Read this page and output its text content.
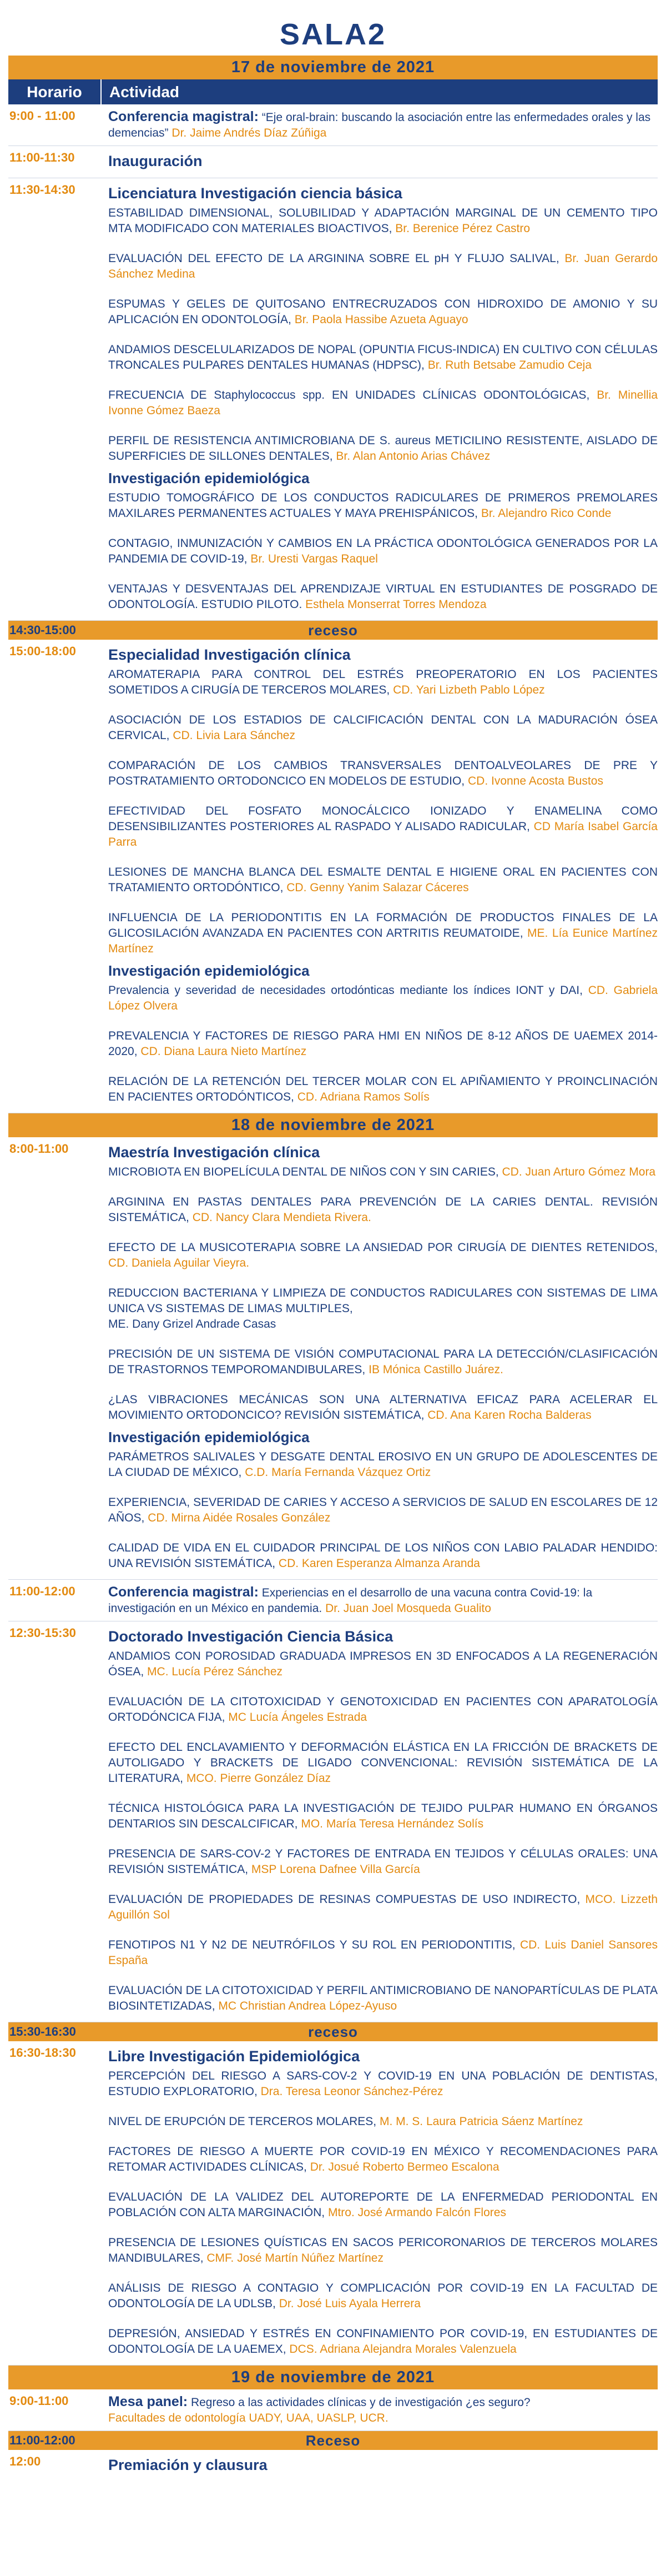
SALA2
17 de noviembre de 2021
Horario	Actividad
9:00 - 11:00	Conferencia magistral: “Eje oral-brain: buscando la asociación entre las enfermedades orales y las demencias” Dr. Jaime Andrés Díaz Zúñiga
11:00-11:30	Inauguración
11:30-14:30	Licenciatura Investigación ciencia básica
ESTABILIDAD DIMENSIONAL, SOLUBILIDAD Y ADAPTACIÓN MARGINAL DE UN CEMENTO TIPO MTA MODIFICADO CON MATERIALES BIOACTIVOS, Br. Berenice Pérez Castro
EVALUACIÓN DEL EFECTO DE LA ARGININA SOBRE EL pH Y FLUJO SALIVAL, Br. Juan Gerardo Sánchez Medina
ESPUMAS Y GELES DE QUITOSANO ENTRECRUZADOS CON HIDROXIDO DE AMONIO Y SU APLICACIÓN EN ODONTOLOGÍA, Br. Paola Hassibe Azueta Aguayo
ANDAMIOS DESCELULARIZADOS DE NOPAL (OPUNTIA FICUS-INDICA) EN CULTIVO CON CÉLULAS TRONCALES PULPARES DENTALES HUMANAS (HDPSC), Br. Ruth Betsabe Zamudio Ceja
FRECUENCIA DE Staphylococcus spp. EN UNIDADES CLÍNICAS ODONTOLÓGICAS, Br. Minellia Ivonne Gómez Baeza
PERFIL DE RESISTENCIA ANTIMICROBIANA DE S. aureus METICILINO RESISTENTE, AISLADO DE SUPERFICIES DE SILLONES DENTALES, Br. Alan Antonio Arias Chávez
Investigación epidemiológica
ESTUDIO TOMOGRÁFICO DE LOS CONDUCTOS RADICULARES DE PRIMEROS PREMOLARES MAXILARES PERMANENTES ACTUALES Y MAYA PREHISPÁNICOS, Br. Alejandro Rico Conde
CONTAGIO, INMUNIZACIÓN Y CAMBIOS EN LA PRÁCTICA ODONTOLÓGICA GENERADOS POR LA PANDEMIA DE COVID-19, Br. Uresti Vargas Raquel
VENTAJAS Y DESVENTAJAS DEL APRENDIZAJE VIRTUAL EN ESTUDIANTES DE POSGRADO DE ODONTOLOGÍA. ESTUDIO PILOTO. Esthela Monserrat Torres Mendoza
14:30-15:00	receso
15:00-18:00	Especialidad Investigación clínica
AROMATERAPIA PARA CONTROL DEL ESTRÉS PREOPERATORIO EN LOS PACIENTES SOMETIDOS A CIRUGÍA DE TERCEROS MOLARES, CD. Yari Lizbeth Pablo López
ASOCIACIÓN DE LOS ESTADIOS DE CALCIFICACIÓN DENTAL CON LA MADURACIÓN ÓSEA CERVICAL, CD. Livia Lara Sánchez
COMPARACIÓN DE LOS CAMBIOS TRANSVERSALES DENTOALVEOLARES DE PRE Y POSTRATAMIENTO ORTODONCICO EN MODELOS DE ESTUDIO, CD. Ivonne Acosta Bustos
EFECTIVIDAD DEL FOSFATO MONOCÁLCICO IONIZADO Y ENAMELINA COMO DESENSIBILIZANTES POSTERIORES AL RASPADO Y ALISADO RADICULAR, CD María Isabel García Parra
LESIONES DE MANCHA BLANCA DEL ESMALTE DENTAL E HIGIENE ORAL EN PACIENTES CON TRATAMIENTO ORTODÓNTICO, CD. Genny Yanim Salazar Cáceres
INFLUENCIA DE LA PERIODONTITIS EN LA FORMACIÓN DE PRODUCTOS FINALES DE LA GLICOSILACIÓN AVANZADA EN PACIENTES CON ARTRITIS REUMATOIDE, ME. Lía Eunice Martínez Martínez
Investigación epidemiológica
Prevalencia y severidad de necesidades ortodónticas mediante los índices IONT y DAI, CD. Gabriela López Olvera
PREVALENCIA Y FACTORES DE RIESGO PARA HMI EN NIÑOS DE 8-12 AÑOS DE UAEMEX 2014-2020, CD. Diana Laura Nieto Martínez
RELACIÓN DE LA RETENCIÓN DEL TERCER MOLAR CON EL APIÑAMIENTO Y PROINCLINACIÓN EN PACIENTES ORTODÓNTICOS, CD. Adriana Ramos Solís
18 de noviembre de 2021
8:00-11:00	Maestría Investigación clínica
MICROBIOTA EN BIOPELÍCULA DENTAL DE NIÑOS CON Y SIN CARIES, CD. Juan Arturo Gómez Mora
ARGININA EN PASTAS DENTALES PARA PREVENCIÓN DE LA CARIES DENTAL. REVISIÓN SISTEMÁTICA, CD. Nancy Clara Mendieta Rivera.
EFECTO DE LA MUSICOTERAPIA SOBRE LA ANSIEDAD POR CIRUGÍA DE DIENTES RETENIDOS, CD. Daniela Aguilar Vieyra.
REDUCCION BACTERIANA Y LIMPIEZA DE CONDUCTOS RADICULARES CON SISTEMAS DE LIMA UNICA VS SISTEMAS DE LIMAS MULTIPLES,
ME. Dany Grizel Andrade Casas
PRECISIÓN DE UN SISTEMA DE VISIÓN COMPUTACIONAL PARA LA DETECCIÓN/CLASIFICACIÓN DE TRASTORNOS TEMPOROMANDIBULARES, IB Mónica Castillo Juárez.
¿LAS VIBRACIONES MECÁNICAS SON UNA ALTERNATIVA EFICAZ PARA ACELERAR EL MOVIMIENTO ORTODONCICO? REVISIÓN SISTEMÁTICA, CD. Ana Karen Rocha Balderas
Investigación epidemiológica
PARÁMETROS SALIVALES Y DESGATE DENTAL EROSIVO EN UN GRUPO DE ADOLESCENTES DE LA CIUDAD DE MÉXICO, C.D. María Fernanda Vázquez Ortiz
EXPERIENCIA, SEVERIDAD DE CARIES Y ACCESO A SERVICIOS DE SALUD EN ESCOLARES DE 12 AÑOS, CD. Mirna Aidée Rosales González
CALIDAD DE VIDA EN EL CUIDADOR PRINCIPAL DE LOS NIÑOS CON LABIO PALADAR HENDIDO: UNA REVISIÓN SISTEMÁTICA, CD. Karen Esperanza Almanza Aranda
11:00-12:00	Conferencia magistral: Experiencias en el desarrollo de una vacuna contra Covid-19: la investigación en un México en pandemia. Dr. Juan Joel Mosqueda Gualito
12:30-15:30	Doctorado Investigación Ciencia Básica
ANDAMIOS CON POROSIDAD GRADUADA IMPRESOS EN 3D ENFOCADOS A LA REGENERACIÓN ÓSEA, MC. Lucía Pérez Sánchez
EVALUACIÓN DE LA CITOTOXICIDAD Y GENOTOXICIDAD EN PACIENTES CON APARATOLOGÍA ORTODÓNCICA FIJA, MC Lucía Ángeles Estrada
EFECTO DEL ENCLAVAMIENTO Y DEFORMACIÓN ELÁSTICA EN LA FRICCIÓN DE BRACKETS DE AUTOLIGADO Y BRACKETS DE LIGADO CONVENCIONAL: REVISIÓN SISTEMÁTICA DE LA LITERATURA, MCO. Pierre González Díaz
TÉCNICA HISTOLÓGICA PARA LA INVESTIGACIÓN DE TEJIDO PULPAR HUMANO EN ÓRGANOS DENTARIOS SIN DESCALCIFICAR, MO. María Teresa Hernández Solís
PRESENCIA DE SARS-COV-2 Y FACTORES DE ENTRADA EN TEJIDOS Y CÉLULAS ORALES: UNA REVISIÓN SISTEMÁTICA, MSP Lorena Dafnee Villa García
EVALUACIÓN DE PROPIEDADES DE RESINAS COMPUESTAS DE USO INDIRECTO, MCO. Lizzeth Aguillón Sol
FENOTIPOS N1 Y N2 DE NEUTRÓFILOS Y SU ROL EN PERIODONTITIS, CD. Luis Daniel Sansores España
EVALUACIÓN DE LA CITOTOXICIDAD Y PERFIL ANTIMICROBIANO DE NANOPARTÍCULAS DE PLATA BIOSINTETIZADAS, MC Christian Andrea López-Ayuso
15:30-16:30	receso
16:30-18:30	Libre Investigación Epidemiológica
PERCEPCIÓN DEL RIESGO A SARS-COV-2 Y COVID-19 EN UNA POBLACIÓN DE DENTISTAS, ESTUDIO EXPLORATORIO, Dra. Teresa Leonor Sánchez-Pérez
NIVEL DE ERUPCIÓN DE TERCEROS MOLARES, M. M. S. Laura Patricia Sáenz Martínez
FACTORES DE RIESGO A MUERTE POR COVID-19 EN MÉXICO Y RECOMENDACIONES PARA RETOMAR ACTIVIDADES CLÍNICAS, Dr. Josué Roberto Bermeo Escalona
EVALUACIÓN DE LA VALIDEZ DEL AUTOREPORTE DE LA ENFERMEDAD PERIODONTAL EN POBLACIÓN CON ALTA MARGINACIÓN, Mtro. José Armando Falcón Flores
PRESENCIA DE LESIONES QUÍSTICAS EN SACOS PERICORONARIOS DE TERCEROS MOLARES MANDIBULARES, CMF. José Martín Núñez Martínez
ANÁLISIS DE RIESGO A CONTAGIO Y COMPLICACIÓN POR COVID-19 EN LA FACULTAD DE ODONTOLOGÍA DE LA UDLSB, Dr. José Luis Ayala Herrera
DEPRESIÓN, ANSIEDAD Y ESTRÉS EN CONFINAMIENTO POR COVID-19, EN ESTUDIANTES DE ODONTOLOGÍA DE LA UAEMEX, DCS. Adriana Alejandra Morales Valenzuela
19 de noviembre de 2021
9:00-11:00	Mesa panel: Regreso a las actividades clínicas y de investigación ¿es seguro?
Facultades de odontología UADY, UAA, UASLP, UCR.
11:00-12:00	Receso
12:00	Premiación y clausura
